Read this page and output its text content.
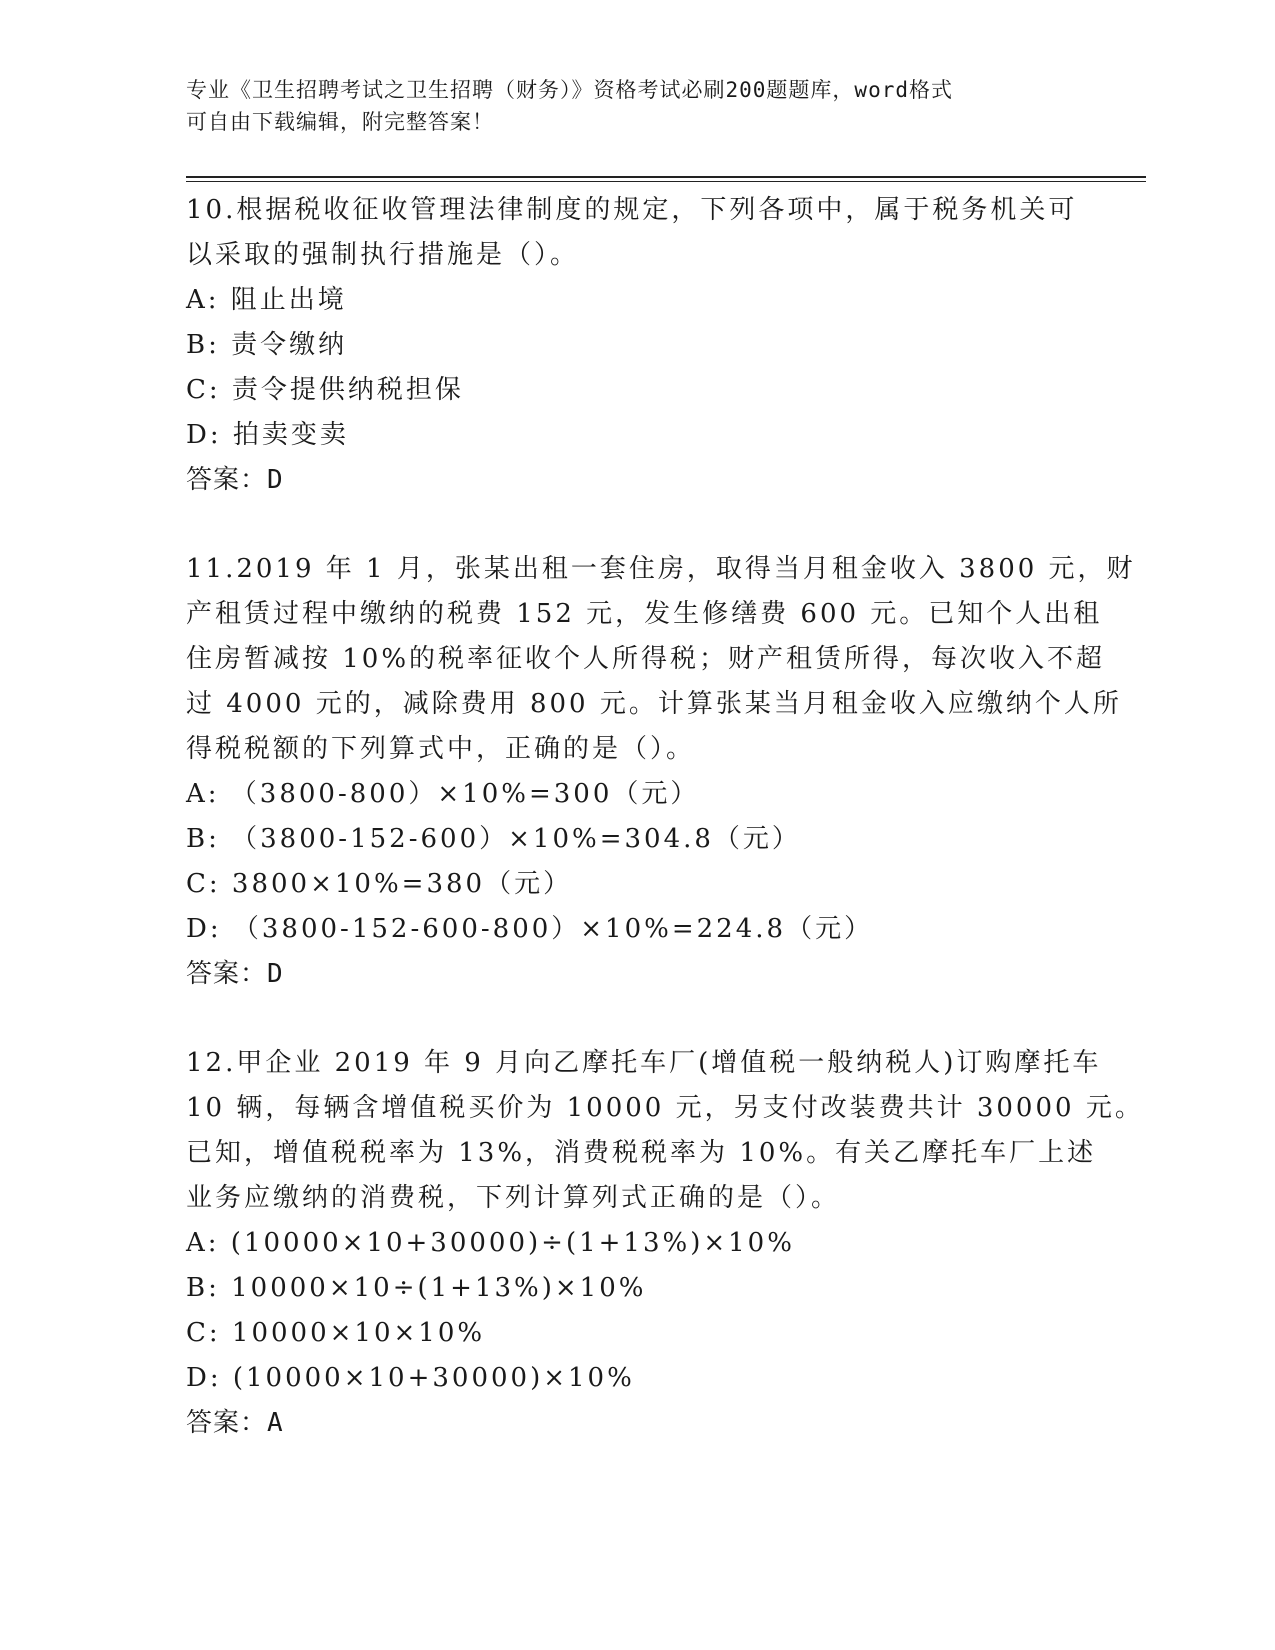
专业《卫生招聘考试之卫生招聘（财务）》资格考试必刷200题题库，word格式
可自由下载编辑，附完整答案！
10.根据税收征收管理法律制度的规定，下列各项中，属于税务机关可
以采取的强制执行措施是（）。
A: 阻止出境
B: 责令缴纳
C: 责令提供纳税担保
D: 拍卖变卖
答案：D
11.2019 年 1 月，张某出租一套住房，取得当月租金收入 3800 元，财
产租赁过程中缴纳的税费 152 元，发生修缮费 600 元。已知个人出租
住房暂减按 10%的税率征收个人所得税；财产租赁所得，每次收入不超
过 4000 元的，减除费用 800 元。计算张某当月租金收入应缴纳个人所
得税税额的下列算式中，正确的是（）。
A: （3800-800）×10%=300（元）
B: （3800-152-600）×10%=304.8（元）
C: 3800×10%=380（元）
D: （3800-152-600-800）×10%=224.8（元）
答案：D
12.甲企业 2019 年 9 月向乙摩托车厂(增值税一般纳税人)订购摩托车
10 辆，每辆含增值税买价为 10000 元，另支付改装费共计 30000 元。
已知，增值税税率为 13%，消费税税率为 10%。有关乙摩托车厂上述
业务应缴纳的消费税，下列计算列式正确的是（）。
A: (10000×10+30000)÷(1+13%)×10%
B: 10000×10÷(1+13%)×10%
C: 10000×10×10%
D: (10000×10+30000)×10%
答案：A
